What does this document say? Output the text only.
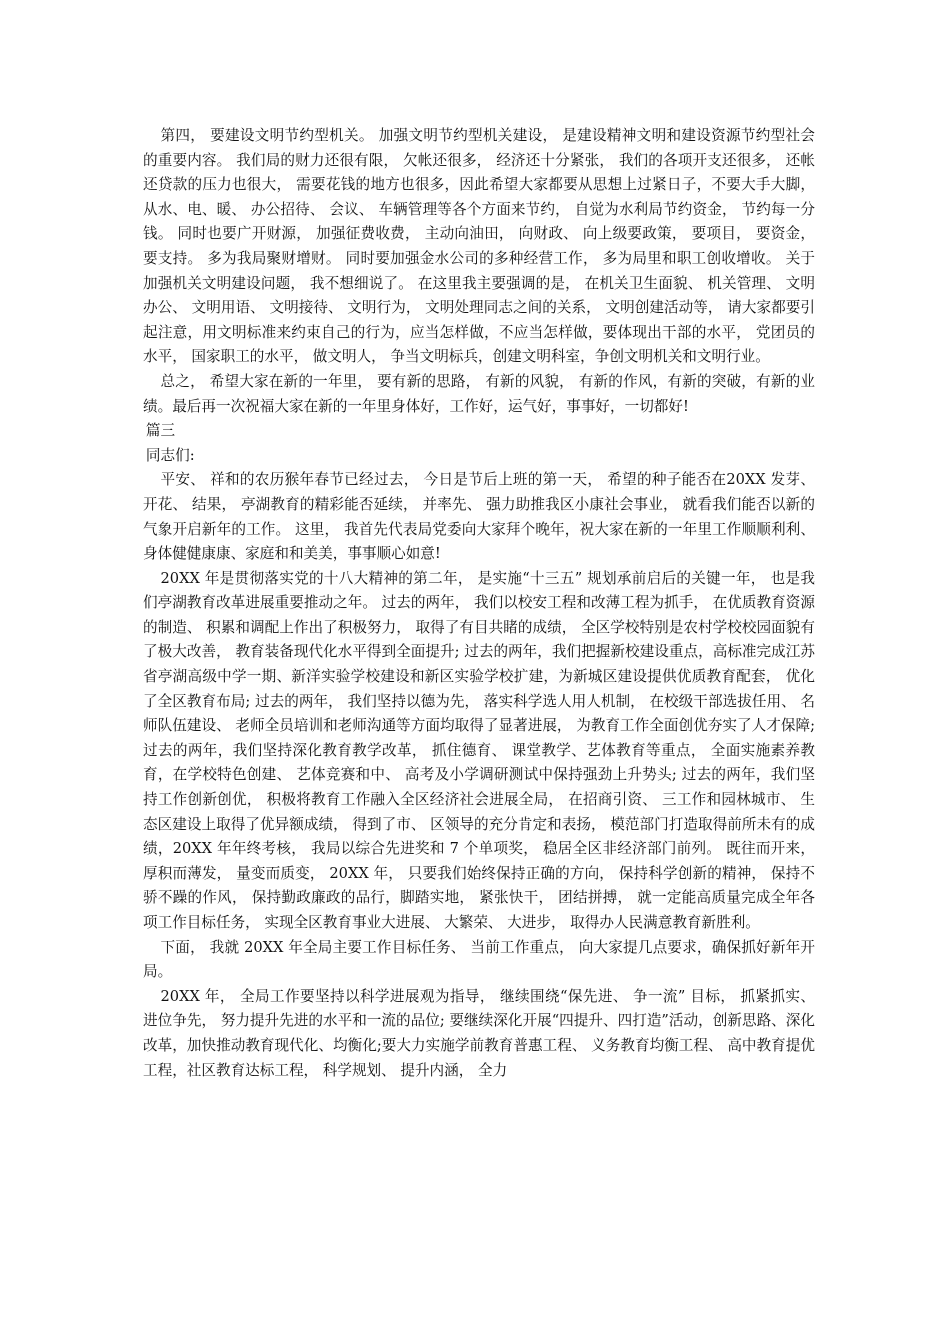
第四， 要建设文明节约型机关。 加强文明节约型机关建设， 是建设精神文明和建设资源节约型社会的重要内容。 我们局的财力还很有限， 欠帐还很多， 经济还十分紧张， 我们的各项开支还很多， 还帐还贷款的压力也很大， 需要花钱的地方也很多，因此希望大家都要从思想上过紧日子，不要大手大脚，从水、电、暖、 办公招待、 会议、 车辆管理等各个方面来节约， 自觉为水利局节约资金， 节约每一分钱。 同时也要广开财源， 加强征费收费， 主动向油田， 向财政、 向上级要政策， 要项目， 要资金， 要支持。 多为我局聚财增财。 同时要加强金水公司的多种经营工作， 多为局里和职工创收增收。 关于加强机关文明建设问题， 我不想细说了。 在这里我主要强调的是， 在机关卫生面貌、 机关管理、 文明办公、 文明用语、 文明接待、 文明行为， 文明处理同志之间的关系， 文明创建活动等， 请大家都要引起注意，用文明标准来约束自己的行为，应当怎样做，不应当怎样做，要体现出干部的水平， 党团员的水平， 国家职工的水平， 做文明人， 争当文明标兵，创建文明科室，争创文明机关和文明行业。

总之， 希望大家在新的一年里， 要有新的思路， 有新的风貌， 有新的作风，有新的突破，有新的业绩。最后再一次祝福大家在新的一年里身体好，工作好，运气好，事事好，一切都好!

篇三

同志们:

平安、 祥和的农历猴年春节已经过去， 今日是节后上班的第一天， 希望的种子能否在20XX 发芽、 开花、 结果， 亭湖教育的精彩能否延续， 并率先、 强力助推我区小康社会事业， 就看我们能否以新的气象开启新年的工作。 这里， 我首先代表局党委向大家拜个晚年，祝大家在新的一年里工作顺顺利利、 身体健健康康、家庭和和美美，事事顺心如意!

20XX 年是贯彻落实党的十八大精神的第二年， 是实施“十三五” 规划承前启后的关键一年， 也是我们亭湖教育改革进展重要推动之年。 过去的两年， 我们以校安工程和改薄工程为抓手， 在优质教育资源的制造、 积累和调配上作出了积极努力， 取得了有目共睹的成绩， 全区学校特别是农村学校校园面貌有了极大改善， 教育装备现代化水平得到全面提升; 过去的两年，我们把握新校建设重点，高标准完成江苏省亭湖高级中学一期、新洋实验学校建设和新区实验学校扩建，为新城区建设提供优质教育配套， 优化了全区教育布局; 过去的两年， 我们坚持以德为先， 落实科学选人用人机制， 在校级干部选拔任用、 名师队伍建设、 老师全员培训和老师沟通等方面均取得了显著进展， 为教育工作全面创优夯实了人才保障; 过去的两年，我们坚持深化教育教学改革， 抓住德育、 课堂教学、艺体教育等重点， 全面实施素养教育，在学校特色创建、 艺体竞赛和中、 高考及小学调研测试中保持强劲上升势头; 过去的两年，我们坚持工作创新创优， 积极将教育工作融入全区经济社会进展全局， 在招商引资、 三工作和园林城市、 生态区建设上取得了优异额成绩， 得到了市、 区领导的充分肯定和表扬， 模范部门打造取得前所未有的成绩，20XX 年年终考核， 我局以综合先进奖和 7 个单项奖， 稳居全区非经济部门前列。 既往而开来， 厚积而薄发， 量变而质变， 20XX 年， 只要我们始终保持正确的方向， 保持科学创新的精神， 保持不骄不躁的作风， 保持勤政廉政的品行，脚踏实地， 紧张快干， 团结拼搏， 就一定能高质量完成全年各项工作目标任务， 实现全区教育事业大进展、 大繁荣、 大进步， 取得办人民满意教育新胜利。

下面， 我就 20XX 年全局主要工作目标任务、 当前工作重点， 向大家提几点要求，确保抓好新年开局。

20XX 年， 全局工作要坚持以科学进展观为指导， 继续围绕“保先进、 争一流” 目标， 抓紧抓实、 进位争先， 努力提升先进的水平和一流的品位; 要继续深化开展“四提升、四打造”活动，创新思路、深化改革，加快推动教育现代化、均衡化;要大力实施学前教育普惠工程、 义务教育均衡工程、 高中教育提优工程，社区教育达标工程， 科学规划、 提升内涵， 全力
